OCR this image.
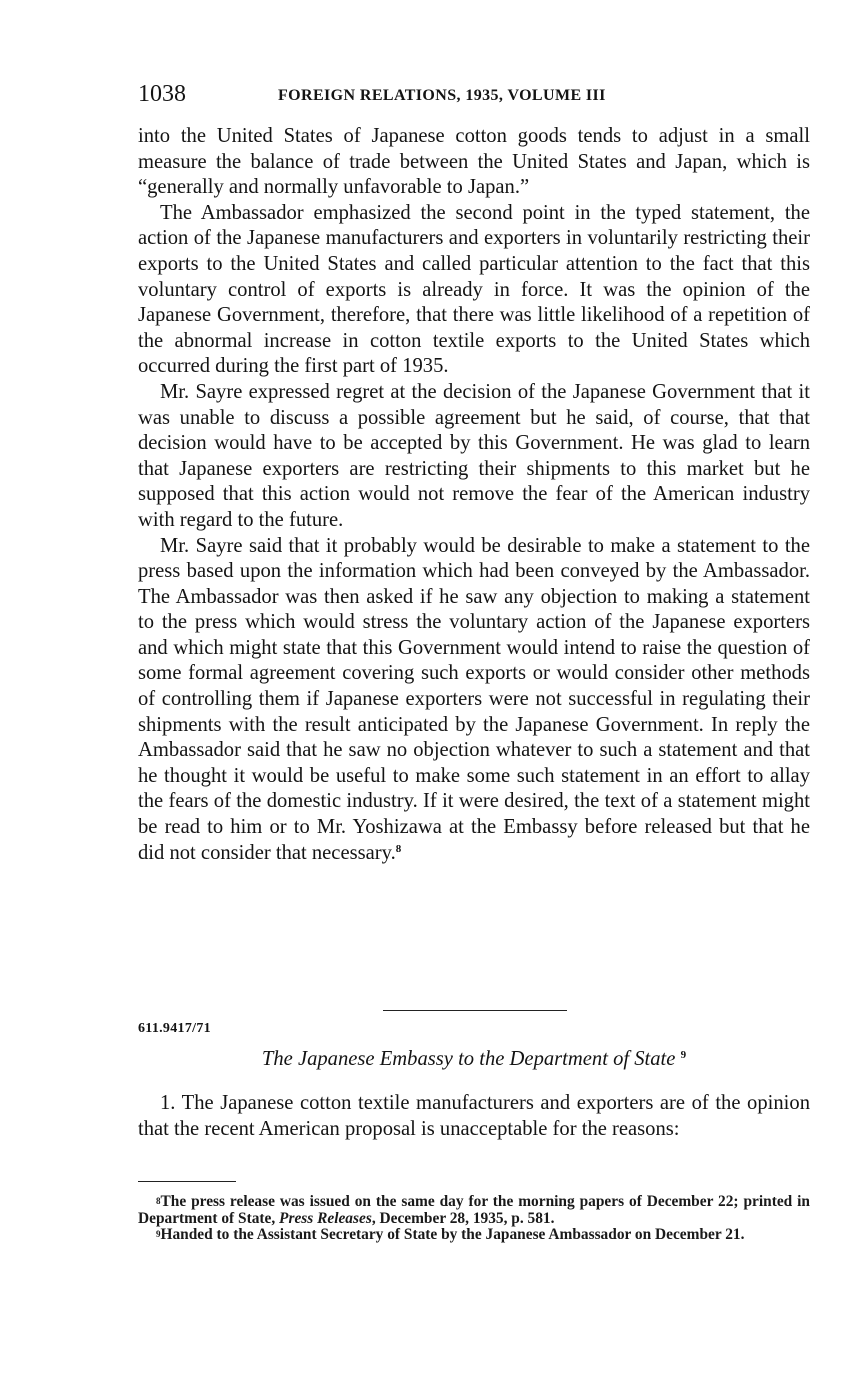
1038	FOREIGN RELATIONS, 1935, VOLUME III

into the United States of Japanese cotton goods tends to adjust in a small measure the balance of trade between the United States and Japan, which is “generally and normally unfavorable to Japan.”

The Ambassador emphasized the second point in the typed statement, the action of the Japanese manufacturers and exporters in voluntarily restricting their exports to the United States and called particular attention to the fact that this voluntary control of exports is already in force. It was the opinion of the Japanese Government, therefore, that there was little likelihood of a repetition of the abnormal increase in cotton textile exports to the United States which occurred during the first part of 1935.

Mr. Sayre expressed regret at the decision of the Japanese Government that it was unable to discuss a possible agreement but he said, of course, that that decision would have to be accepted by this Government. He was glad to learn that Japanese exporters are restricting their shipments to this market but he supposed that this action would not remove the fear of the American industry with regard to the future.

Mr. Sayre said that it probably would be desirable to make a statement to the press based upon the information which had been conveyed by the Ambassador. The Ambassador was then asked if he saw any objection to making a statement to the press which would stress the voluntary action of the Japanese exporters and which might state that this Government would intend to raise the question of some formal agreement covering such exports or would consider other methods of controlling them if Japanese exporters were not successful in regulating their shipments with the result anticipated by the Japanese Government. In reply the Ambassador said that he saw no objection whatever to such a statement and that he thought it would be useful to make some such statement in an effort to allay the fears of the domestic industry. If it were desired, the text of a statement might be read to him or to Mr. Yoshizawa at the Embassy before released but that he did not consider that necessary.$^8$

611.9417/71
The Japanese Embassy to the Department of State $^9$

1. The Japanese cotton textile manufacturers and exporters are of the opinion that the recent American proposal is unacceptable for the reasons:

$^8$The press release was issued on the same day for the morning papers of December 22; printed in Department of State, Press Releases, December 28, 1935, p. 581.

$^9$Handed to the Assistant Secretary of State by the Japanese Ambassador on December 21.
